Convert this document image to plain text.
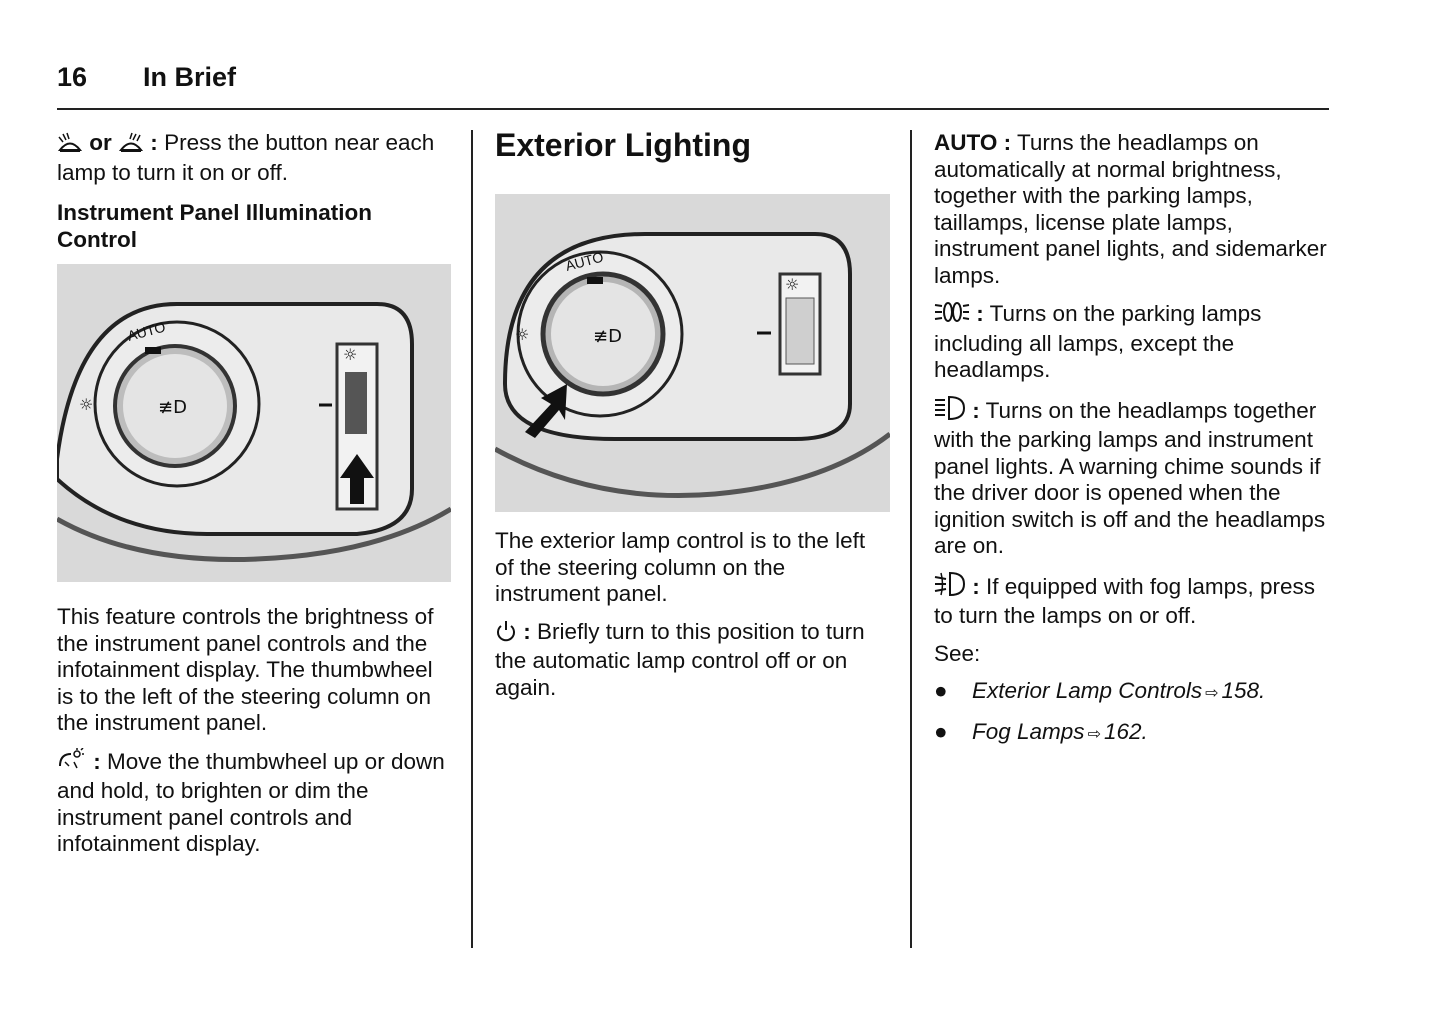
16 In Brief

or : Press the button near each lamp to turn it on or off.

Instrument Panel Illumination Control

AUTO
≢D
☼
☼

This feature controls the brightness of the instrument panel controls and the infotainment display. The thumbwheel is to the left of the steering column on the instrument panel.

: Move the thumbwheel up or down and hold, to brighten or dim the instrument panel controls and infotainment display.

Exterior Lighting

AUTO
≢D
☼
☼

The exterior lamp control is to the left of the steering column on the instrument panel.

: Briefly turn to this position to turn the automatic lamp control off or on again.

AUTO : Turns the headlamps on automatically at normal brightness, together with the parking lamps, taillamps, license plate lamps, instrument panel lights, and sidemarker lamps.

: Turns on the parking lamps including all lamps, except the headlamps.

: Turns on the headlamps together with the parking lamps and instrument panel lights. A warning chime sounds if the driver door is opened when the ignition switch is off and the headlamps are on.

: If equipped with fog lamps, press to turn the lamps on or off.

See:

● Exterior Lamp Controls ⇨ 158.
● Fog Lamps ⇨ 162.
